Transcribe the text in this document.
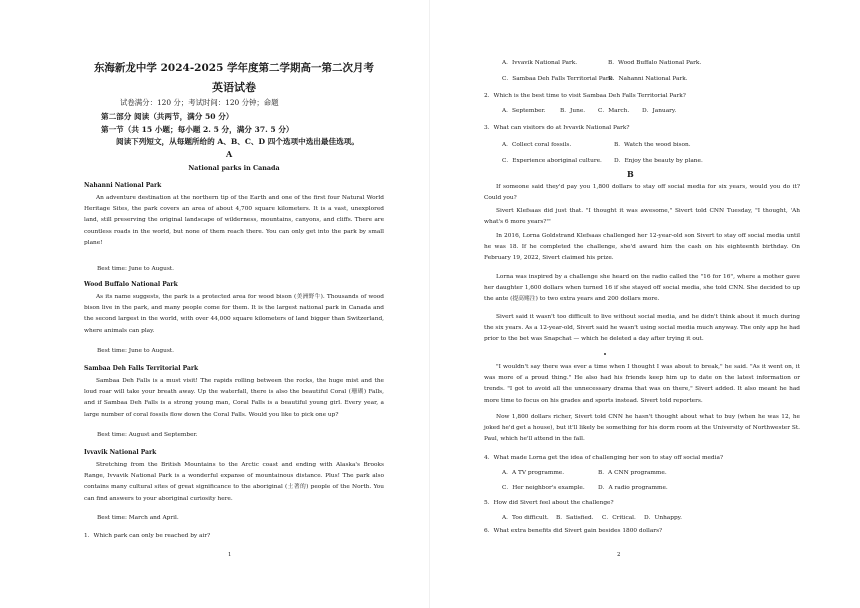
东海新龙中学 2024-2025 学年度第二学期高一第二次月考
英语试卷
试卷满分：120 分；考试时间：120 分钟；命题
第二部分 阅读（共两节，满分 50 分）
第一节（共 15 小题；每小题 2. 5 分，满分 37. 5 分）
阅读下列短文，从每题所给的 A、B、C、D 四个选项中选出最佳选项。
A
National parks in Canada
Nahanni National Park
An adventure destination at the northern tip of the Earth and one of the first four Natural World Heritage Sites, the park covers an area of about 4,700 square kilometers. It is a vast, unexplored land, still preserving the original landscape of wilderness, mountains, canyons, and cliffs. There are countless roads in the world, but none of them reach there. You can only get into the park by small plane!
Best time: June to August.
Wood Buffalo National Park
As its name suggests, the park is a protected area for wood bison (美洲野牛). Thousands of wood bison live in the park, and many people come for them. It is the largest national park in Canada and the second largest in the world, with over 44,000 square kilometers of land bigger than Switzerland, where animals can play.
Best time: June to August.
Sambaa Deh Falls Territorial Park
Sambaa Deh Falls is a must visit! The rapids rolling between the rocks, the huge mist and the loud roar will take your breath away. Up the waterfall, there is also the beautiful Coral (珊瑚) Falls, and if Sambaa Deh Falls is a strong young man, Coral Falls is a beautiful young girl. Every year, a large number of coral fossils flow down the Coral Falls. Would you like to pick one up?
Best time: August and September.
Ivvavik National Park
Stretching from the British Mountains to the Arctic coast and ending with Alaska's Brooks Range, Ivvavik National Park is a wonderful expanse of mountainous distance. Plus! The park also contains many cultural sites of great significance to the aboriginal (土著的) people of the North. You can find answers to your aboriginal curiosity here.
Best time: March and April.
1．Which park can only be reached by air?
1
A．Ivvavik National Park.	B．Wood Buffalo National Park.
C．Sambaa Deh Falls Territorial Park.
D．Nahanni National Park.
2．Which is the best time to visit Sambaa Deh Falls Territorial Park?
A．September.	B．June. C．March. D．January.
3．What can visitors do at Ivvavik National Park?
A．Collect coral fossils.	B．Watch the wood bison.
C．Experience aboriginal culture. D．Enjoy the beauty by plane.
B
If someone said they'd pay you 1,800 dollars to stay off social media for six years, would you do it? Could you?
Sivert Klefsaas did just that. "I thought it was awesome," Sivert told CNN Tuesday, "I thought, 'Ah what's 6 more years?'"
In 2016, Lorna Goldstrand Klefsaas challenged her 12-year-old son Sivert to stay off social media until he was 18. If he completed the challenge, she'd award him the cash on his eighteenth birthday. On February 19, 2022, Sivert claimed his prize.
Lorna was inspired by a challenge she heard on the radio called the "16 for 16", where a mother gave her daughter 1,600 dollars when turned 16 if she stayed off social media, she told CNN. She decided to up the ante (提高赌注) to two extra years and 200 dollars more.
Sivert said it wasn't too difficult to live without social media, and he didn't think about it much during the six years. As a 12-year-old, Sivert said he wasn't using social media much anyway. The only app he had prior to the bet was Snapchat — which he deleted a day after trying it out.
"I wouldn't say there was ever a time when I thought I was about to break," he said. "As it went on, it was more of a proud thing." He also had his friends keep him up to date on the latest information or trends. "I got to avoid all the unnecessary drama that was on there," Sivert added. It also meant he had more time to focus on his grades and sports instead. Sivert told reporters.
Now 1,800 dollars richer, Sivert told CNN he hasn't thought about what to buy (when he was 12, he joked he'd get a house), but it'll likely be something for his dorm room at the University of Northwester St. Paul, which he'll attend in the fall.
4．What made Lorna get the idea of challenging her son to stay off social media?
A．A TV programme.	B．A CNN programme.
C．Her neighbor's example. D．A radio programme.
5．How did Sivert feel about the challenge?
A．Too difficult. B．Satisfied. C．Critical. D．Unhappy.
6．What extra benefits did Sivert gain besides 1800 dollars?
2
